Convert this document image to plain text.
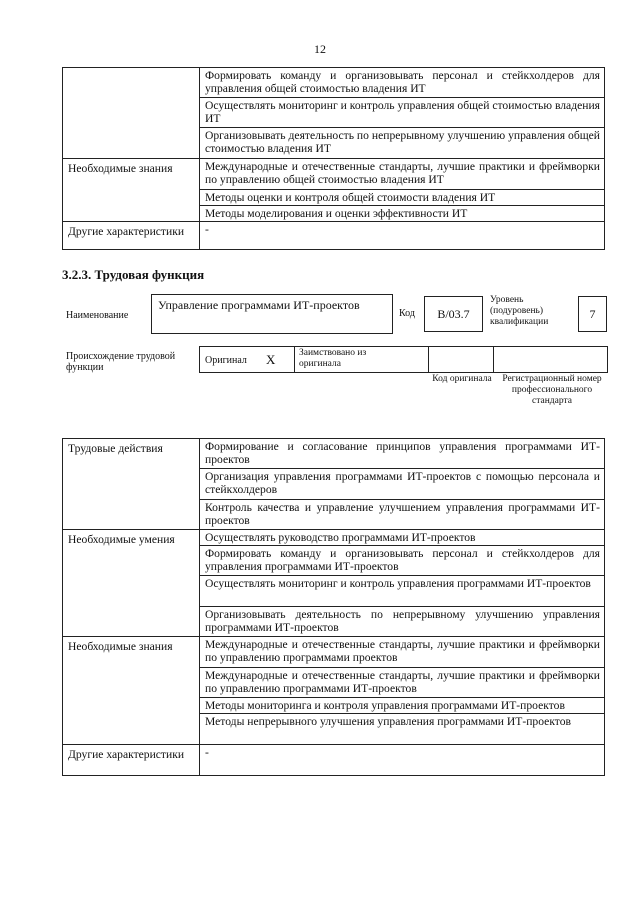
12
	Формировать команду и организовывать персонал и стейкхолдеров для управления общей стоимостью владения ИТ
	Осуществлять мониторинг и контроль управления общей стоимостью владения ИТ
	Организовывать деятельность по непрерывному улучшению управления общей стоимостью владения ИТ
Необходимые знания	Международные и отечественные стандарты, лучшие практики и фреймворки по управлению общей стоимостью владения ИТ
	Методы оценки и контроля общей стоимости владения ИТ
	Методы моделирования и оценки эффективности ИТ
Другие характеристики	-
3.2.3. Трудовая функция
Наименование
Управление программами ИТ-проектов
Код	B/03.7
Уровень (подуровень) квалификации
7
Происхождение трудовой функции
Оригинал X Заимствовано из оригинала
Код оригинала Регистрационный номер профессионального стандарта
Трудовые действия	Формирование и согласование принципов управления программами ИТ-проектов
	Организация управления программами ИТ-проектов с помощью персонала и стейкхолдеров
	Контроль качества и управление улучшением управления программами ИТ-проектов
Необходимые умения	Осуществлять руководство программами ИТ-проектов
	Формировать команду и организовывать персонал и стейкхолдеров для управления программами ИТ-проектов
	Осуществлять мониторинг и контроль управления программами ИТ-проектов
	Организовывать деятельность по непрерывному улучшению управления программами ИТ-проектов
Необходимые знания	Международные и отечественные стандарты, лучшие практики и фреймворки по управлению программами проектов
	Международные и отечественные стандарты, лучшие практики и фреймворки по управлению программами ИТ-проектов
	Методы мониторинга и контроля управления программами ИТ-проектов
	Методы непрерывного улучшения управления программами ИТ-проектов
Другие характеристики	-
